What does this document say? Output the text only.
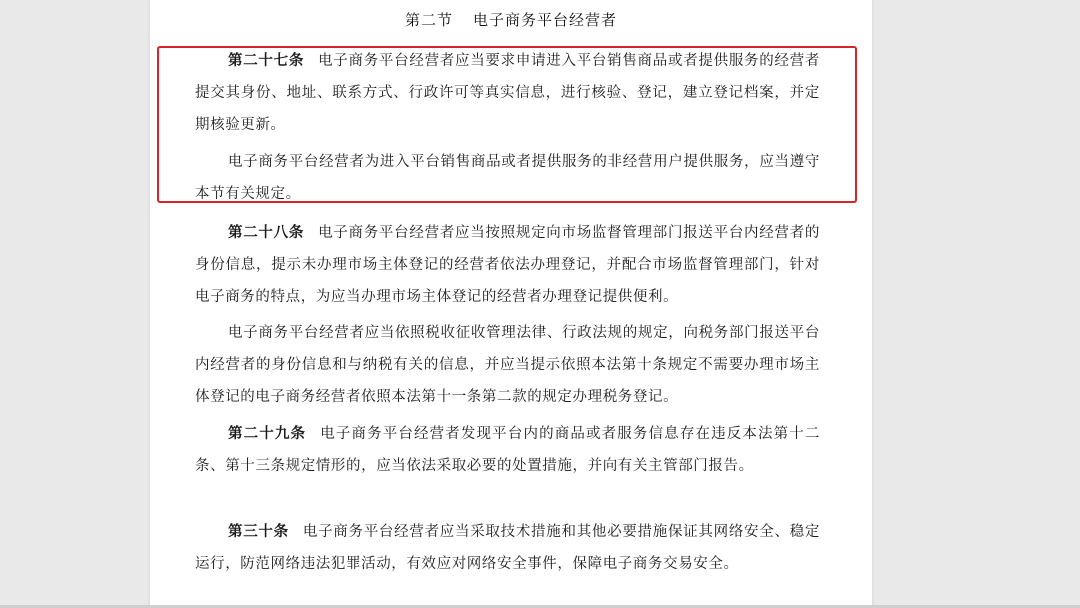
第二节 电子商务平台经营者

第二十七条 电子商务平台经营者应当要求申请进入平台销售商品或者提供服务的经营者提交其身份、地址、联系方式、行政许可等真实信息，进行核验、登记，建立登记档案，并定期核验更新。

电子商务平台经营者为进入平台销售商品或者提供服务的非经营用户提供服务，应当遵守本节有关规定。

第二十八条 电子商务平台经营者应当按照规定向市场监督管理部门报送平台内经营者的身份信息，提示未办理市场主体登记的经营者依法办理登记，并配合市场监督管理部门，针对电子商务的特点，为应当办理市场主体登记的经营者办理登记提供便利。

电子商务平台经营者应当依照税收征收管理法律、行政法规的规定，向税务部门报送平台内经营者的身份信息和与纳税有关的信息，并应当提示依照本法第十条规定不需要办理市场主体登记的电子商务经营者依照本法第十一条第二款的规定办理税务登记。

第二十九条 电子商务平台经营者发现平台内的商品或者服务信息存在违反本法第十二条、第十三条规定情形的，应当依法采取必要的处置措施，并向有关主管部门报告。

第三十条 电子商务平台经营者应当采取技术措施和其他必要措施保证其网络安全、稳定运行，防范网络违法犯罪活动，有效应对网络安全事件，保障电子商务交易安全。
